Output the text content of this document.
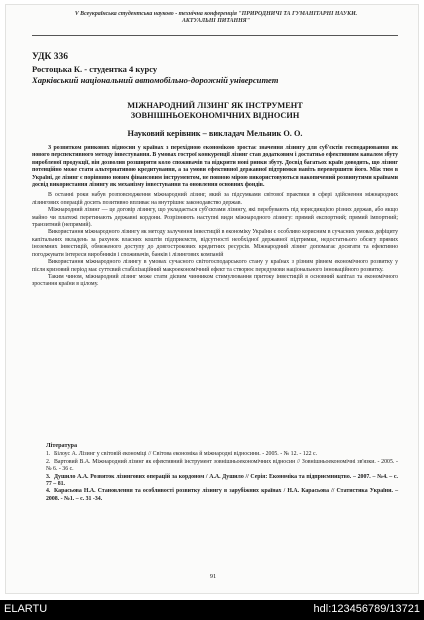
V Всеукраїнська студентська науково - технічна конференція "ПРИРОДНИЧІ ТА ГУМАНІТАРНІ НАУКИ.
АКТУАЛЬНІ ПИТАННЯ"
УДК 336
Ростоцька К. - студентка 4 курсу
Харківський національний автомобільно-дорожній університет
МІЖНАРОДНИЙ ЛІЗИНГ ЯК ІНСТРУМЕНТ
ЗОВНІШНЬОЕКОНОМІЧНИХ ВІДНОСИН
Науковий керівник – викладач Мельник О. О.

З розвитком ринкових відносин у країнах з перехідною економікою зростає значення лізингу для суб'єктів господарювання як нового перспективного методу інвестування. В умовах гострої конкуренції лізинг став додатковим і достатньо ефективним каналом збуту виробленої продукції, він дозволив розширити коло споживачів та відкрити нові ринки збуту. Досвід багатьох країн доводить, що лізинг потенційно може стати альтернативою кредитування, а за умови ефективної державної підтримки навіть перевершити його. Між тим в Україні, де лізинг є порівняно новим фінансовим інструментом, не повною мірою використовуються накопичений розвинутими країнами досвід використання лізингу як механізму інвестування та оновлення основних фондів.

В останні роки набув розповсюдження міжнародний лізинг, який за підсумками світової практики в сфері здійснення міжнародних лізингових операцій досить позитивно впливає на внутрішнє законодавство держав.

Міжнародний лізинг — це договір лізингу, що укладається суб'єктами лізингу, які перебувають під юрисдикцією різних держав, або якщо майно чи платежі перетинають державні кордони. Розрізняють наступні види міжнародного лізингу: прямий експортний; прямий імпортний; транзитний (непрямий).

Використання міжнародного лізингу як методу залучення інвестицій в економіку України є особливо корисним в сучасних умовах дефіциту капітальних вкладень за рахунок власних коштів підприємств, відсутності необхідної державної підтримки, недостатнього обсягу прямих іноземних інвестицій, обмеженого доступу до довгострокових кредитних ресурсів. Міжнародний лізинг допомагає досягати та ефективно погоджувати інтереси виробників і споживачів, банків і лізингових компаній

Використання міжнародного лізингу в умовах сучасного світогосподарського стану у країнах з різним рівнем економічного розвитку у після кризовий період має суттєвий стабілізаційний макроекономічний ефект та створює передумови національного інноваційного розвитку.

Таким чином, міжнародний лізинг може стати дієвим чинником стимулювання притоку інвестицій в основний капітал та економічного зростання країни в цілому.

Література
1. Білоус А. Лізинг у світовій економіці // Світова економіка й міжнародні відносини. - 2005. - № 12. - 122 с.
2. Вартовий В.А. Міжнародний лізинг як ефективний інструмент зовнішньоекономічних відносин // Зовнішньоекономічні зв'язки. - 2005. - № 6. - 36 с.
3. Душило А.А. Розвиток лізингових операцій за кордоном / А.А. Душило // Серія: Економіка та підприємництво. – 2007. – №4. – с. 77 – 81.
4. Карасьова Н.А. Становлення та особливості розвитку лізингу в зарубіжних країнах / Н.А. Карасьова // Статистика України. – 2008. - №1. – с. 31 -34.
91
ELARTU	hdl:123456789/13721
